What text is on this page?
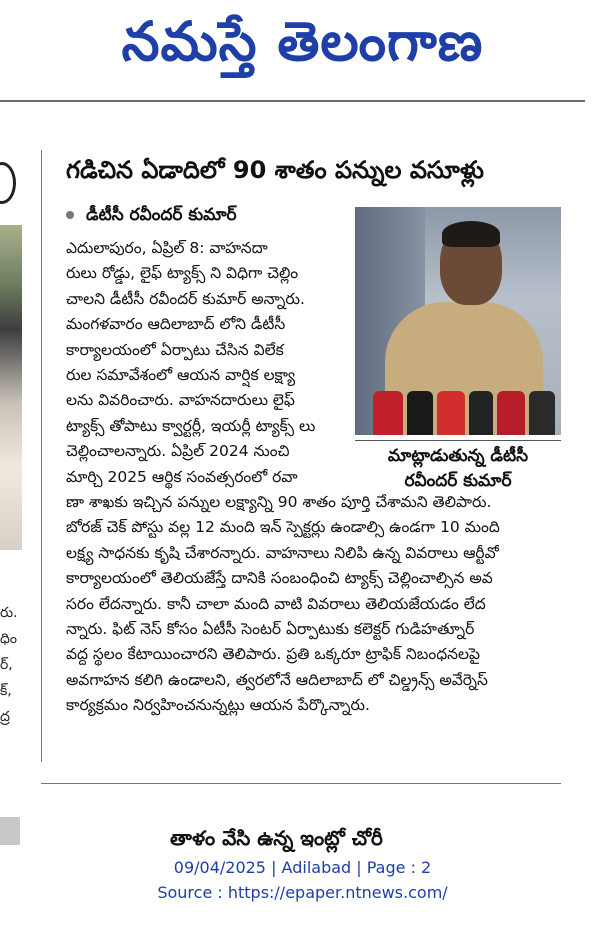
నమస్తే తెలంగాణ
రు.
ధిం
ర్,
క్,
ద్ర
గడిచిన ఏడాదిలో 90 శాతం పన్నుల వసూళ్లు
డీటీసీ రవీందర్ కుమార్
మాట్లాడుతున్న డీటీసీ
రవీందర్ కుమార్
ఎదులాపురం, ఏప్రిల్ 8: వాహనదా
రులు రోడ్డు, లైఫ్ ట్యాక్స్ ని విధిగా చెల్లిం
చాలని డీటీసీ రవీందర్ కుమార్ అన్నారు.
మంగళవారం ఆదిలాబాద్ లోని డీటీసీ
కార్యాలయంలో ఏర్పాటు చేసిన విలేక
రుల సమావేశంలో ఆయన వార్షిక లక్ష్యా
లను వివరించారు. వాహనదారులు లైఫ్
ట్యాక్స్ తోపాటు క్వార్టర్లీ, ఇయర్లీ ట్యాక్స్ లు
చెల్లించాలన్నారు. ఏప్రిల్ 2024 నుంచి
మార్చి 2025 ఆర్థిక సంవత్సరంలో రవా
ణా శాఖకు ఇచ్చిన పన్నుల లక్ష్యాన్ని 90 శాతం పూర్తి చేశామని తెలిపారు.
బోరజ్ చెక్ పోస్టు వల్ల 12 మంది ఇన్ స్పెక్టర్లు ఉండాల్సి ఉండగా 10 మంది
లక్ష్య సాధనకు కృషి చేశారన్నారు. వాహనాలు నిలిపి ఉన్న వివరాలు ఆర్టీవో
కార్యాలయంలో తెలియజేస్తే దానికి సంబంధించి ట్యాక్స్ చెల్లించాల్సిన అవ
సరం లేదన్నారు. కానీ చాలా మంది వాటి వివరాలు తెలియజేయడం లేద
న్నారు. ఫిట్ నెస్ కోసం ఏటీసీ సెంటర్ ఏర్పాటుకు కలెక్టర్ గుడిహత్నూర్
వద్ద స్థలం కేటాయించారని తెలిపారు. ప్రతి ఒక్కరూ ట్రాఫిక్ నిబంధనలపై
అవగాహన కలిగి ఉండాలని, త్వరలోనే ఆదిలాబాద్ లో చిల్డ్రన్స్ అవేర్నెస్
కార్యక్రమం నిర్వహించనున్నట్లు ఆయన పేర్కొన్నారు.
తాళం వేసి ఉన్న ఇంట్లో చోరీ
09/04/2025 | Adilabad | Page : 2
Source : https://epaper.ntnews.com/
